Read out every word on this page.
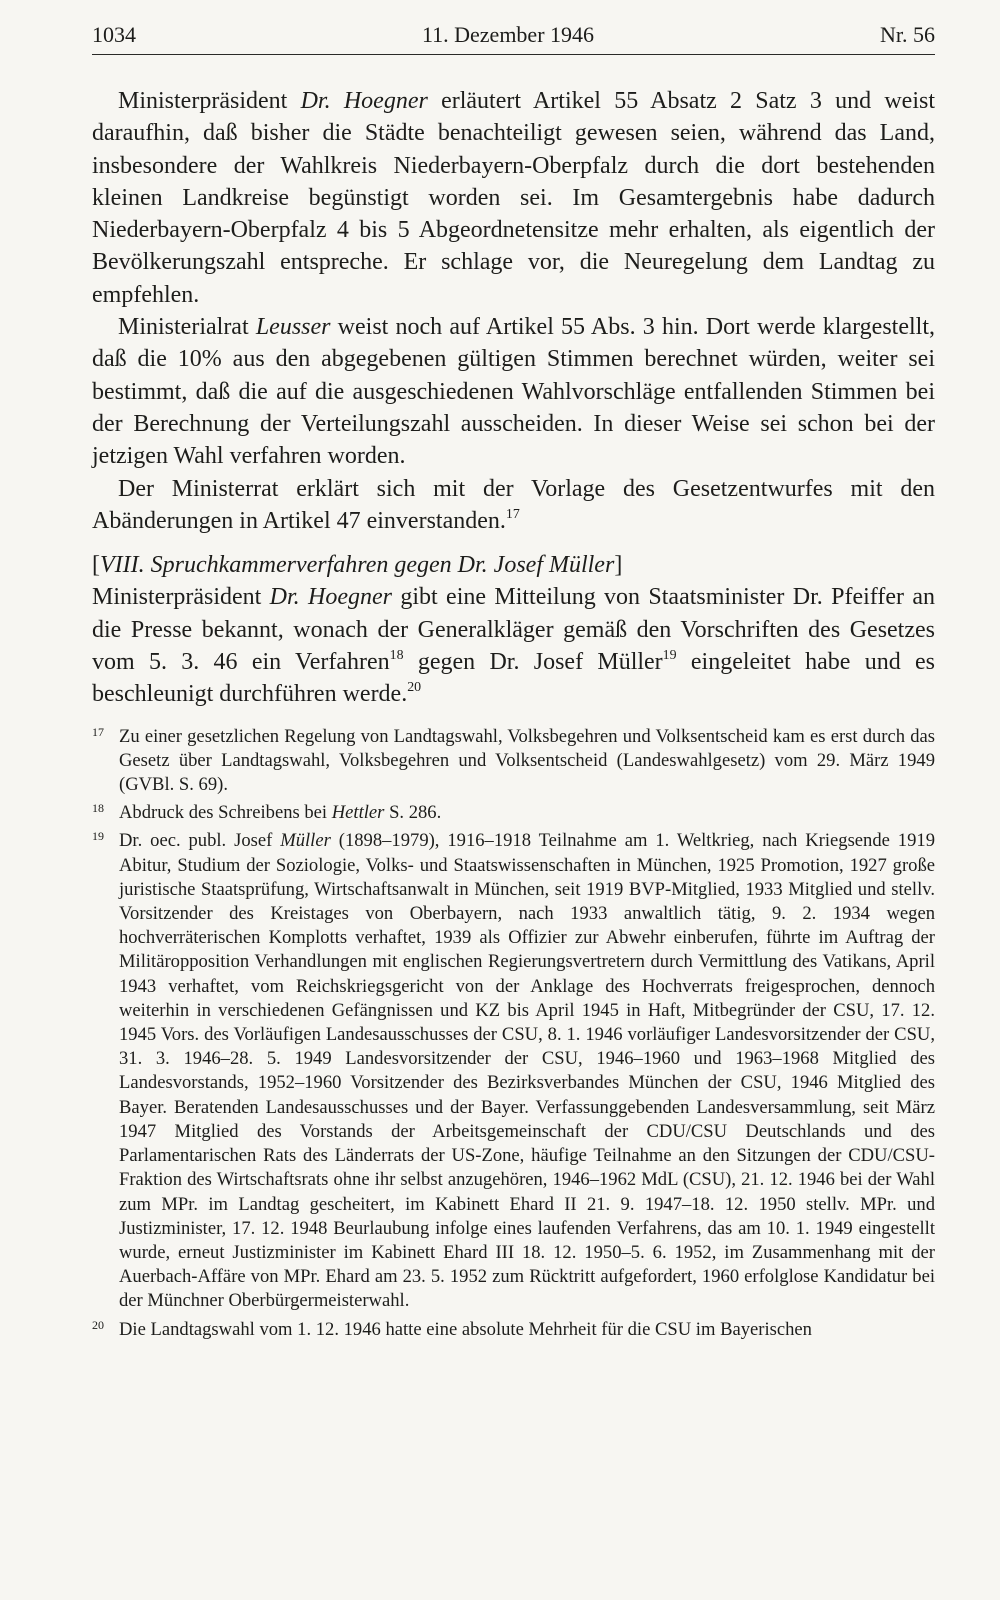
1034	11. Dezember 1946	Nr. 56

Ministerpräsident Dr. Hoegner erläutert Artikel 55 Absatz 2 Satz 3 und weist daraufhin, daß bisher die Städte benachteiligt gewesen seien, während das Land, insbesondere der Wahlkreis Niederbayern-Oberpfalz durch die dort bestehenden kleinen Landkreise begünstigt worden sei. Im Gesamtergebnis habe dadurch Niederbayern-Oberpfalz 4 bis 5 Abgeordnetensitze mehr erhalten, als eigentlich der Bevölkerungszahl entspreche. Er schlage vor, die Neuregelung dem Landtag zu empfehlen.

Ministerialrat Leusser weist noch auf Artikel 55 Abs. 3 hin. Dort werde klargestellt, daß die 10% aus den abgegebenen gültigen Stimmen berechnet würden, weiter sei bestimmt, daß die auf die ausgeschiedenen Wahlvorschläge entfallenden Stimmen bei der Berechnung der Verteilungszahl ausscheiden. In dieser Weise sei schon bei der jetzigen Wahl verfahren worden.

Der Ministerrat erklärt sich mit der Vorlage des Gesetzentwurfes mit den Abänderungen in Artikel 47 einverstanden.$^{17}$

[VIII. Spruchkammerverfahren gegen Dr. Josef Müller]

Ministerpräsident Dr. Hoegner gibt eine Mitteilung von Staatsminister Dr. Pfeiffer an die Presse bekannt, wonach der Generalkläger gemäß den Vorschriften des Gesetzes vom 5. 3. 46 ein Verfahren$^{18}$ gegen Dr. Josef Müller$^{19}$ eingeleitet habe und es beschleunigt durchführen werde.$^{20}$

17 Zu einer gesetzlichen Regelung von Landtagswahl, Volksbegehren und Volksentscheid kam es erst durch das Gesetz über Landtagswahl, Volksbegehren und Volksentscheid (Landeswahlgesetz) vom 29. März 1949 (GVBl. S. 69).
18 Abdruck des Schreibens bei Hettler S. 286.
19 Dr. oec. publ. Josef Müller (1898–1979), 1916–1918 Teilnahme am 1. Weltkrieg, nach Kriegsende 1919 Abitur, Studium der Soziologie, Volks- und Staatswissenschaften in München, 1925 Promotion, 1927 große juristische Staatsprüfung, Wirtschaftsanwalt in München, seit 1919 BVP-Mitglied, 1933 Mitglied und stellv. Vorsitzender des Kreistages von Oberbayern, nach 1933 anwaltlich tätig, 9. 2. 1934 wegen hochverräterischen Komplotts verhaftet, 1939 als Offizier zur Abwehr einberufen, führte im Auftrag der Militäropposition Verhandlungen mit englischen Regierungsvertretern durch Vermittlung des Vatikans, April 1943 verhaftet, vom Reichskriegsgericht von der Anklage des Hochverrats freigesprochen, dennoch weiterhin in verschiedenen Gefängnissen und KZ bis April 1945 in Haft, Mitbegründer der CSU, 17. 12. 1945 Vors. des Vorläufigen Landesausschusses der CSU, 8. 1. 1946 vorläufiger Landesvorsitzender der CSU, 31. 3. 1946–28. 5. 1949 Landesvorsitzender der CSU, 1946–1960 und 1963–1968 Mitglied des Landesvorstands, 1952–1960 Vorsitzender des Bezirksverbandes München der CSU, 1946 Mitglied des Bayer. Beratenden Landesausschusses und der Bayer. Verfassunggebenden Landesversammlung, seit März 1947 Mitglied des Vorstands der Arbeitsgemeinschaft der CDU/CSU Deutschlands und des Parlamentarischen Rats des Länderrats der US-Zone, häufige Teilnahme an den Sitzungen der CDU/CSU-Fraktion des Wirtschaftsrats ohne ihr selbst anzugehören, 1946–1962 MdL (CSU), 21. 12. 1946 bei der Wahl zum MPr. im Landtag gescheitert, im Kabinett Ehard II 21. 9. 1947–18. 12. 1950 stellv. MPr. und Justizminister, 17. 12. 1948 Beurlaubung infolge eines laufenden Verfahrens, das am 10. 1. 1949 eingestellt wurde, erneut Justizminister im Kabinett Ehard III 18. 12. 1950–5. 6. 1952, im Zusammenhang mit der Auerbach-Affäre von MPr. Ehard am 23. 5. 1952 zum Rücktritt aufgefordert, 1960 erfolglose Kandidatur bei der Münchner Oberbürgermeisterwahl.
20 Die Landtagswahl vom 1. 12. 1946 hatte eine absolute Mehrheit für die CSU im Bayerischen
